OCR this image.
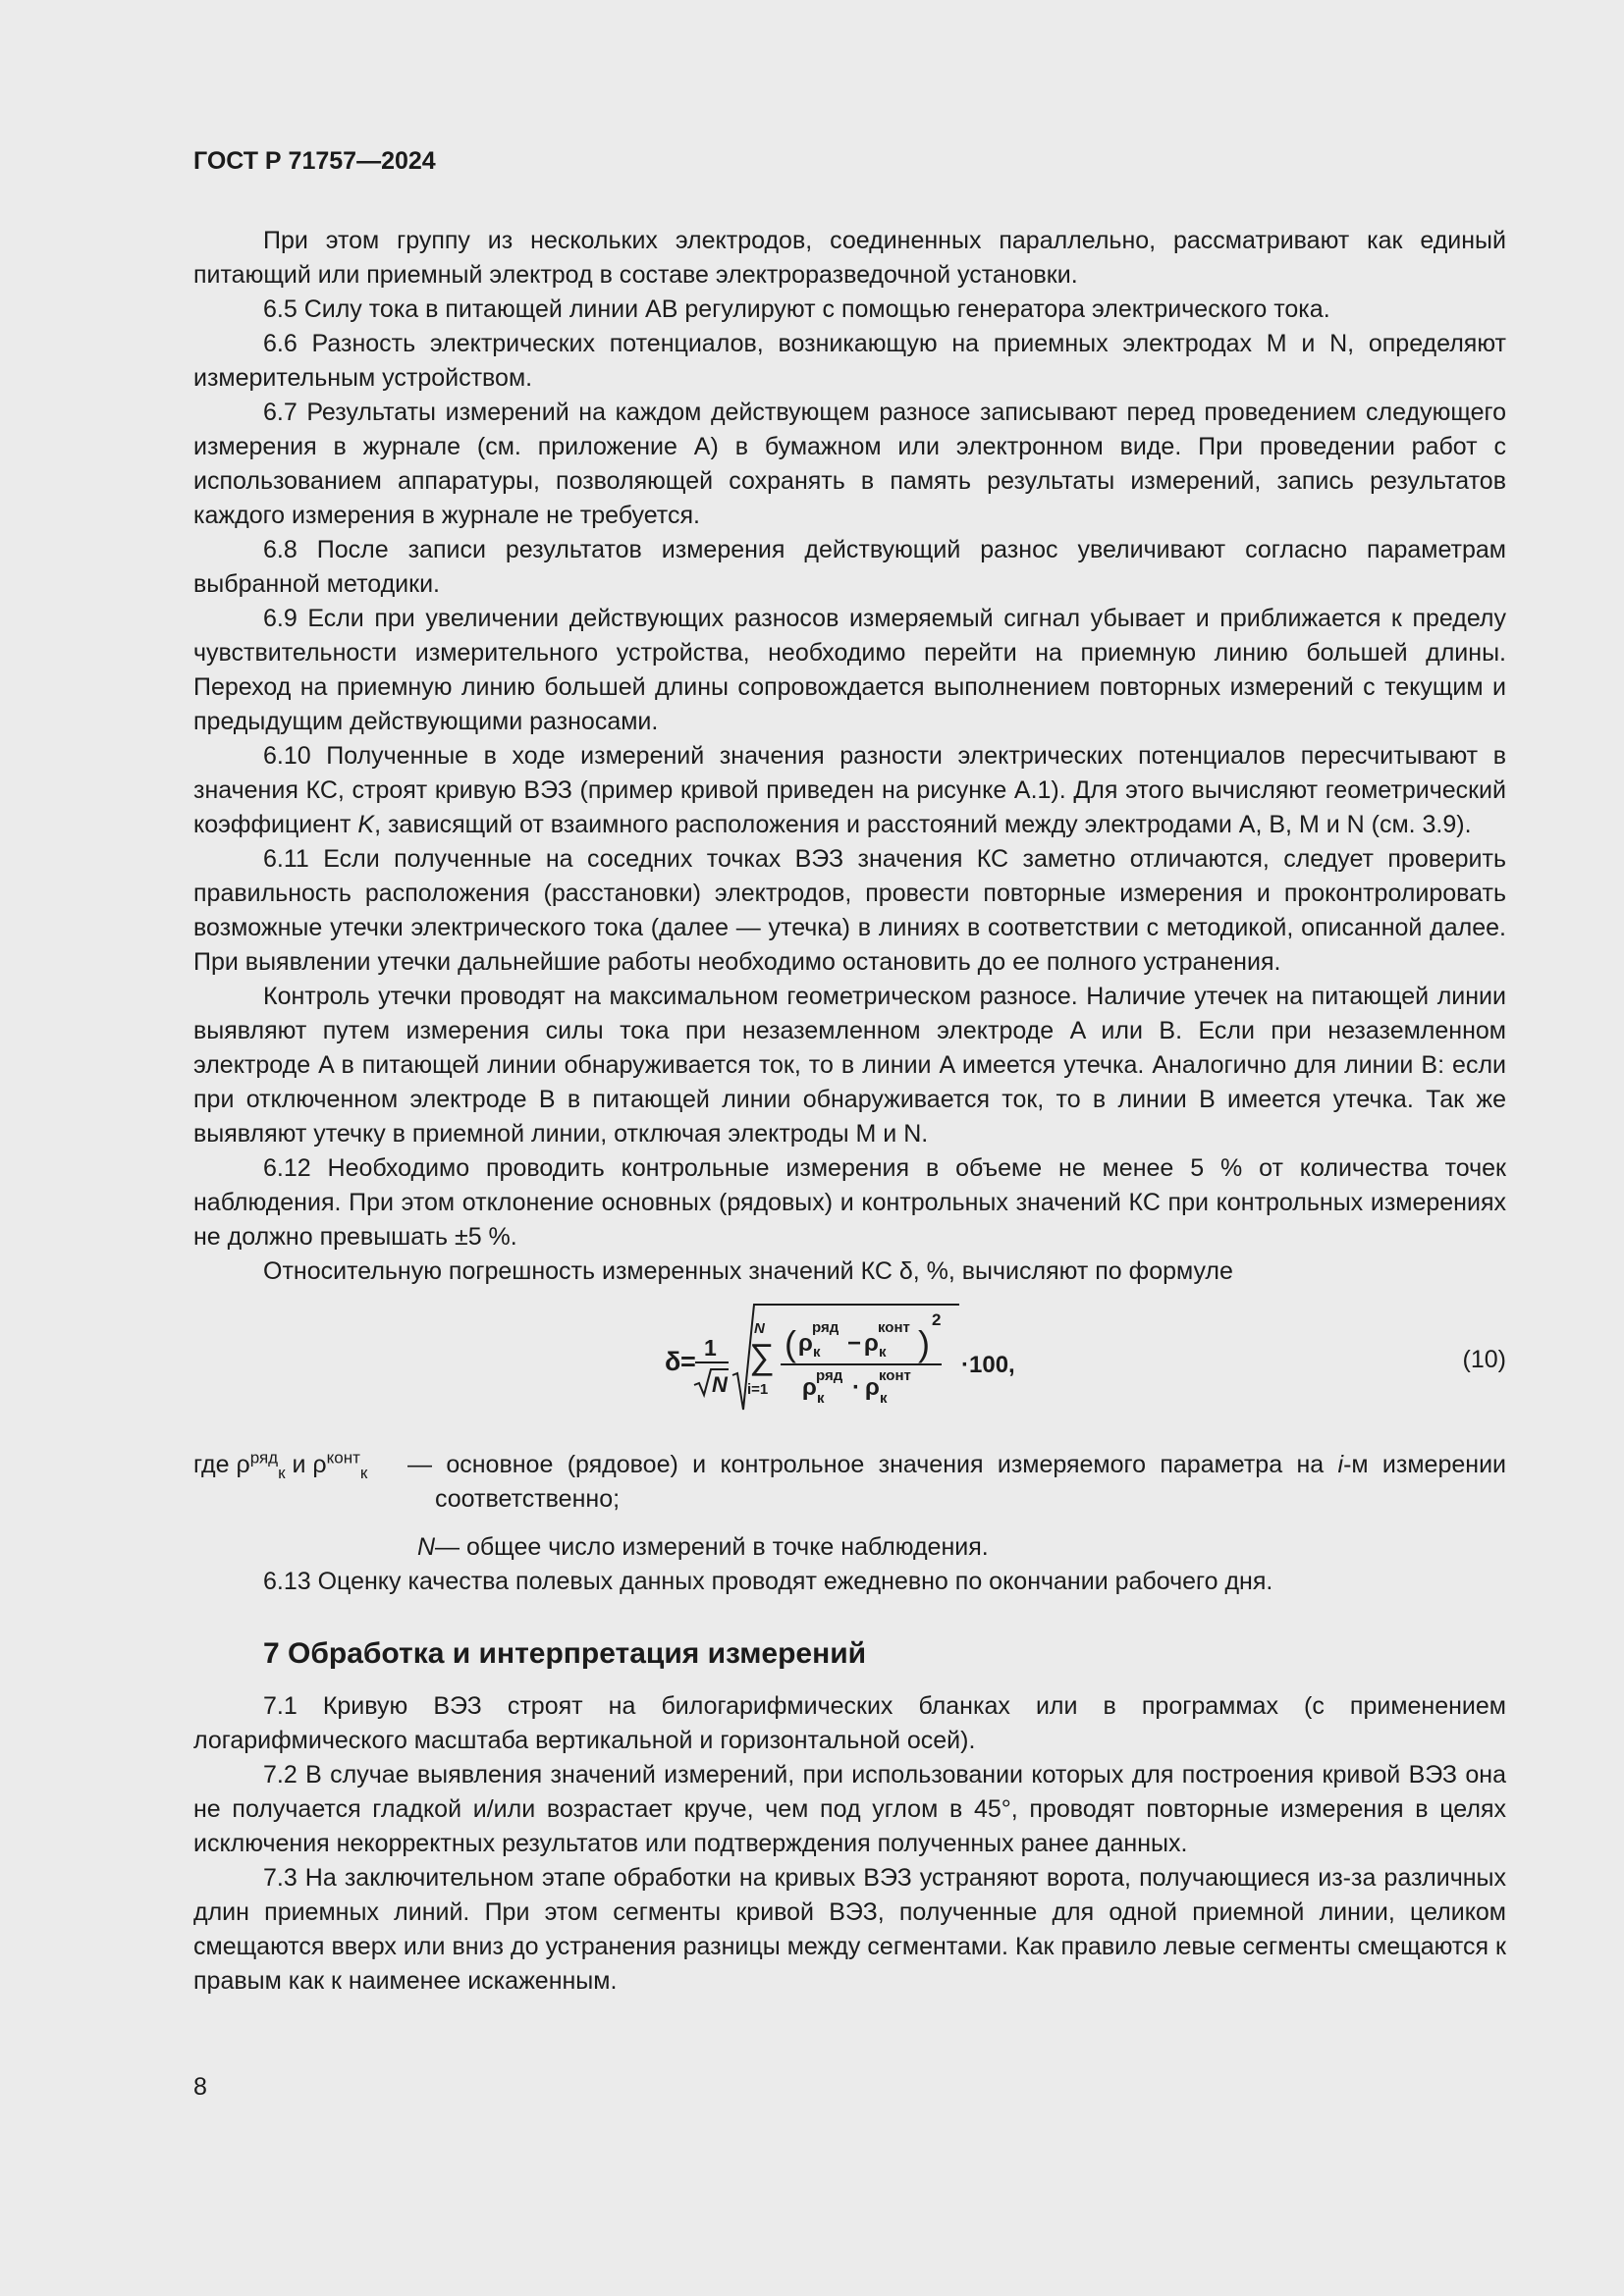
ГОСТ Р 71757—2024

При этом группу из нескольких электродов, соединенных параллельно, рассматривают как единый питающий или приемный электрод в составе электроразведочной установки.

6.5 Силу тока в питающей линии AB регулируют с помощью генератора электрического тока.

6.6 Разность электрических потенциалов, возникающую на приемных электродах M и N, определяют измерительным устройством.

6.7 Результаты измерений на каждом действующем разносе записывают перед проведением следующего измерения в журнале (см. приложение А) в бумажном или электронном виде. При проведении работ с использованием аппаратуры, позволяющей сохранять в память результаты измерений, запись результатов каждого измерения в журнале не требуется.

6.8 После записи результатов измерения действующий разнос увеличивают согласно параметрам выбранной методики.

6.9 Если при увеличении действующих разносов измеряемый сигнал убывает и приближается к пределу чувствительности измерительного устройства, необходимо перейти на приемную линию большей длины. Переход на приемную линию большей длины сопровождается выполнением повторных измерений с текущим и предыдущим действующими разносами.

6.10 Полученные в ходе измерений значения разности электрических потенциалов пересчитывают в значения КС, строят кривую ВЭЗ (пример кривой приведен на рисунке А.1). Для этого вычисляют геометрический коэффициент K, зависящий от взаимного расположения и расстояний между электродами A, B, M и N (см. 3.9).

6.11 Если полученные на соседних точках ВЭЗ значения КС заметно отличаются, следует проверить правильность расположения (расстановки) электродов, провести повторные измерения и проконтролировать возможные утечки электрического тока (далее — утечка) в линиях в соответствии с методикой, описанной далее. При выявлении утечки дальнейшие работы необходимо остановить до ее полного устранения.

Контроль утечки проводят на максимальном геометрическом разносе. Наличие утечек на питающей линии выявляют путем измерения силы тока при незаземленном электроде A или B. Если при незаземленном электроде A в питающей линии обнаруживается ток, то в линии A имеется утечка. Аналогично для линии B: если при отключенном электроде B в питающей линии обнаруживается ток, то в линии B имеется утечка. Так же выявляют утечку в приемной линии, отключая электроды M и N.

6.12 Необходимо проводить контрольные измерения в объеме не менее 5 % от количества точек наблюдения. При этом отклонение основных (рядовых) и контрольных значений КС при контрольных измерениях не должно превышать ±5 %.

Относительную погрешность измеренных значений КС δ, %, вычисляют по формуле

δ = 1
N
N
∑
i=1
( ρ
ряд
к − ρ
конт
к )
2
ρ ряд
к · ρ конт
к
·100,	(10)
где $\rho^{ряд}_к$ и $\rho^{конт}_к$	— основное (рядовое) и контрольное значения измеряемого параметра на i-м измерении соответственно;
N — общее число измерений в точке наблюдения.

6.13 Оценку качества полевых данных проводят ежедневно по окончании рабочего дня.

7 Обработка и интерпретация измерений

7.1 Кривую ВЭЗ строят на билогарифмических бланках или в программах (с применением логарифмического масштаба вертикальной и горизонтальной осей).

7.2 В случае выявления значений измерений, при использовании которых для построения кривой ВЭЗ она не получается гладкой и/или возрастает круче, чем под углом в 45°, проводят повторные измерения в целях исключения некорректных результатов или подтверждения полученных ранее данных.

7.3 На заключительном этапе обработки на кривых ВЭЗ устраняют ворота, получающиеся из-за различных длин приемных линий. При этом сегменты кривой ВЭЗ, полученные для одной приемной линии, целиком смещаются вверх или вниз до устранения разницы между сегментами. Как правило левые сегменты смещаются к правым как к наименее искаженным.

8
